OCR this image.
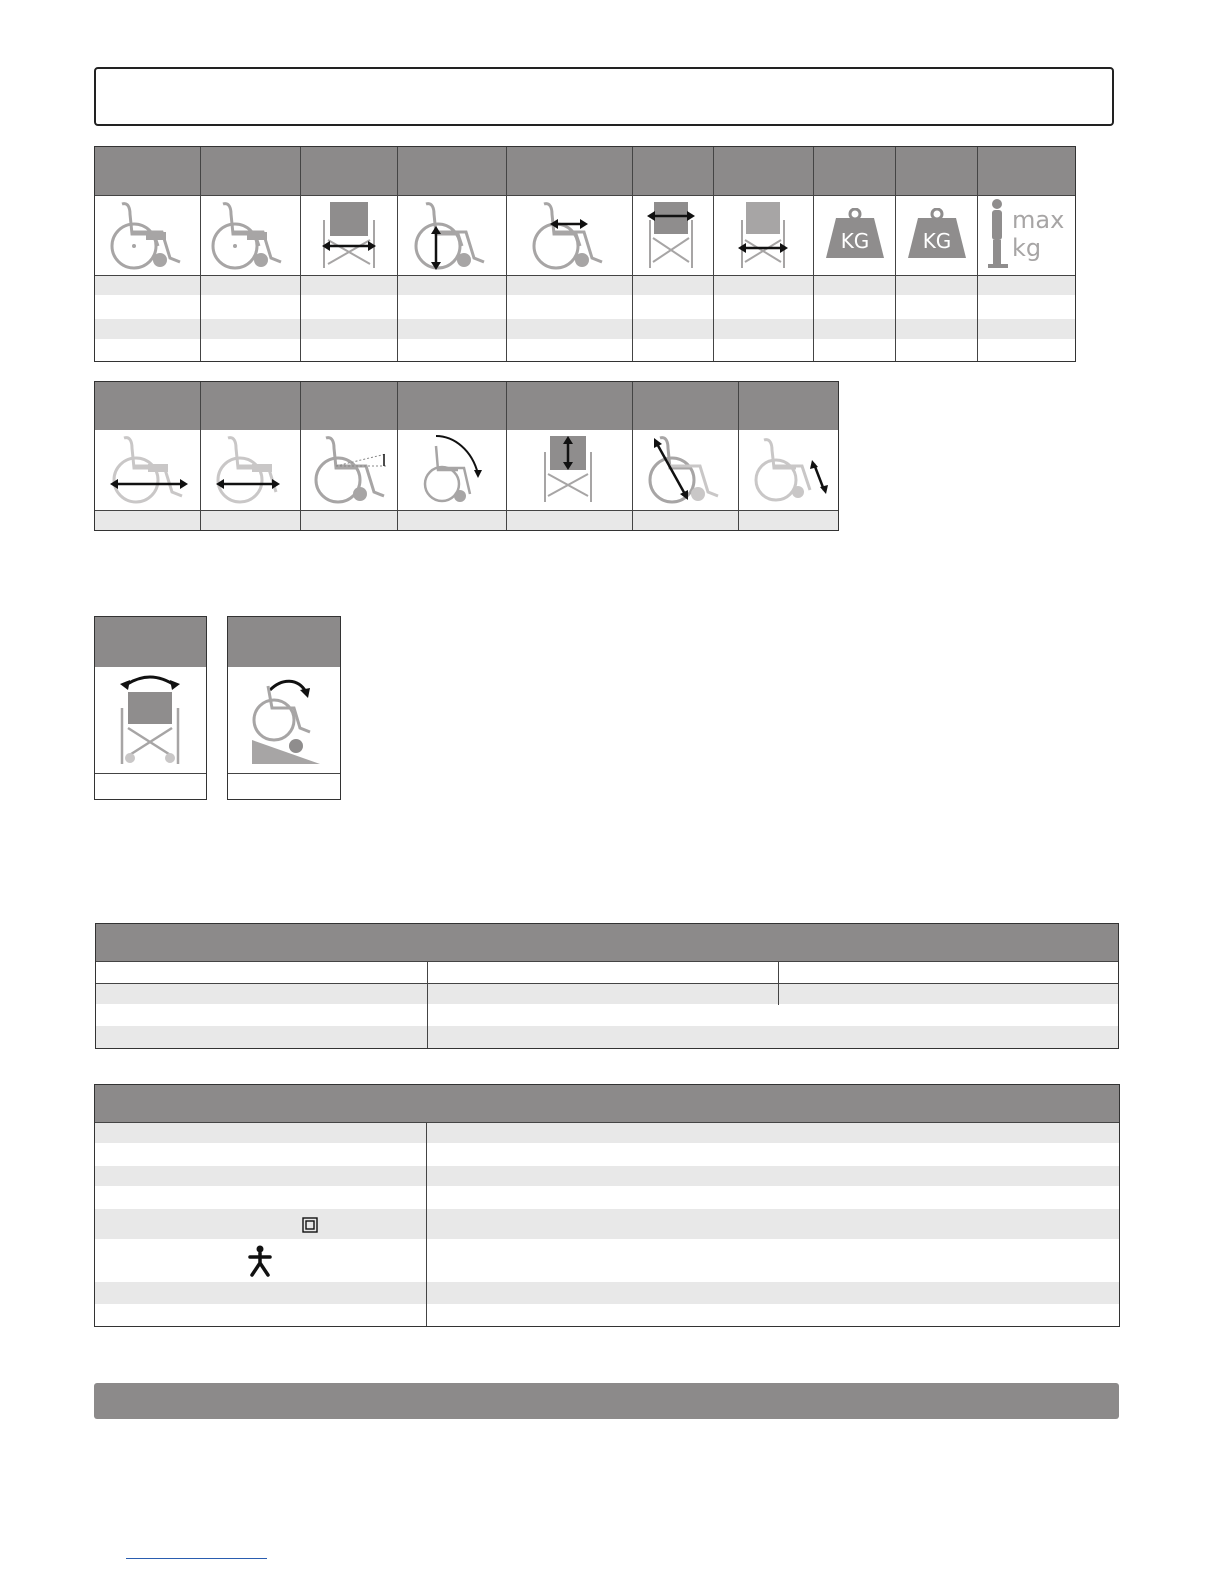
KG	KG
max
kg
